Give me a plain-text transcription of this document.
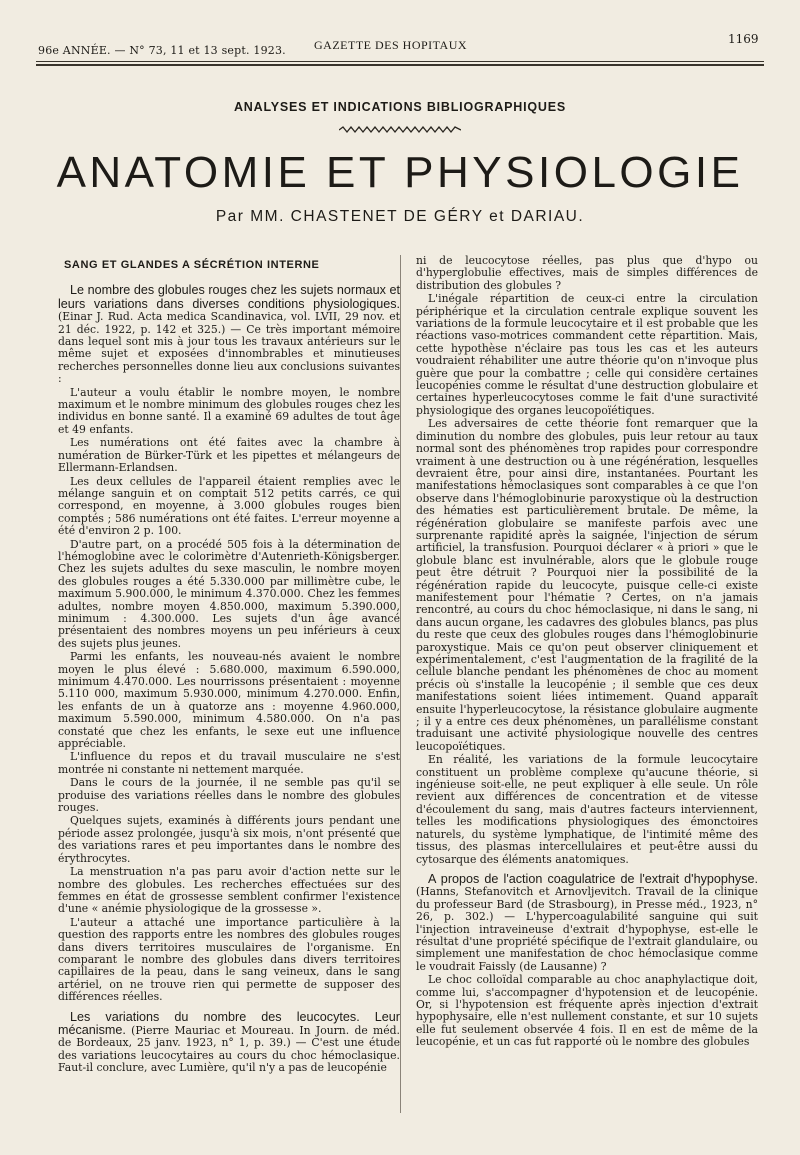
96e ANNÉE. — N° 73, 11 et 13 sept. 1923. GAZETTE DES HOPITAUX	1169
ANALYSES ET INDICATIONS BIBLIOGRAPHIQUES
ANATOMIE ET PHYSIOLOGIE
Par MM. CHASTENET DE GÉRY et DARIAU.

SANG ET GLANDES A SÉCRÉTION INTERNE

Le nombre des globules rouges chez les sujets normaux et leurs variations dans diverses conditions physiologiques. (Einar J. Rud. Acta medica Scandinavica, vol. LVII, 29 nov. et 21 déc. 1922, p. 142 et 325.) — Ce très important mémoire dans lequel sont mis à jour tous les travaux antérieurs sur le même sujet et exposées d'innombrables et minutieuses recherches personnelles donne lieu aux conclusions suivantes :

L'auteur a voulu établir le nombre moyen, le nombre maximum et le nombre minimum des globules rouges chez les individus en bonne santé. Il a examiné 69 adultes de tout âge et 49 enfants.

Les numérations ont été faites avec la chambre à numération de Bürker-Türk et les pipettes et mélangeurs de Ellermann-Erlandsen.

Les deux cellules de l'appareil étaient remplies avec le mélange sanguin et on comptait 512 petits carrés, ce qui correspond, en moyenne, à 3.000 globules rouges bien comptés ; 586 numérations ont été faites. L'erreur moyenne a été d'environ 2 p. 100.

D'autre part, on a procédé 505 fois à la détermination de l'hémoglobine avec le colorimètre d'Autenrieth-Königsberger. Chez les sujets adultes du sexe masculin, le nombre moyen des globules rouges a été 5.330.000 par millimètre cube, le maximum 5.900.000, le minimum 4.370.000. Chez les femmes adultes, nombre moyen 4.850.000, maximum 5.390.000, minimum : 4.300.000. Les sujets d'un âge avancé présentaient des nombres moyens un peu inférieurs à ceux des sujets plus jeunes.

Parmi les enfants, les nouveau-nés avaient le nombre moyen le plus élevé : 5.680.000, maximum 6.590.000, minimum 4.470.000. Les nourrissons présentaient : moyenne 5.110 000, maximum 5.930.000, minimum 4.270.000. Enfin, les enfants de un à quatorze ans : moyenne 4.960.000, maximum 5.590.000, minimum 4.580.000. On n'a pas constaté que chez les enfants, le sexe eut une influence appréciable.

L'influence du repos et du travail musculaire ne s'est montrée ni constante ni nettement marquée.

Dans le cours de la journée, il ne semble pas qu'il se produise des variations réelles dans le nombre des globules rouges.

Quelques sujets, examinés à différents jours pendant une période assez prolongée, jusqu'à six mois, n'ont présenté que des variations rares et peu importantes dans le nombre des érythrocytes.

La menstruation n'a pas paru avoir d'action nette sur le nombre des globules. Les recherches effectuées sur des femmes en état de grossesse semblent confirmer l'existence d'une « anémie physiologique de la grossesse ».

L'auteur a attaché une importance particulière à la question des rapports entre les nombres des globules rouges dans divers territoires musculaires de l'organisme. En comparant le nombre des globules dans divers territoires capillaires de la peau, dans le sang veineux, dans le sang artériel, on ne trouve rien qui permette de supposer des différences réelles.

Les variations du nombre des leucocytes. Leur mécanisme. (Pierre Mauriac et Moureau. In Journ. de méd. de Bordeaux, 25 janv. 1923, n° 1, p. 39.) — C'est une étude des variations leucocytaires au cours du choc hémoclasique. Faut-il conclure, avec Lumière, qu'il n'y a pas de leucopénie

ni de leucocytose réelles, pas plus que d'hypo ou d'hyperglobulie effectives, mais de simples différences de distribution des globules ?

L'inégale répartition de ceux-ci entre la circulation périphérique et la circulation centrale explique souvent les variations de la formule leucocytaire et il est probable que les réactions vaso-motrices commandent cette répartition. Mais, cette hypothèse n'éclaire pas tous les cas et les auteurs voudraient réhabiliter une autre théorie qu'on n'invoque plus guère que pour la combattre ; celle qui considère certaines leucopénies comme le résultat d'une destruction globulaire et certaines hyperleucocytoses comme le fait d'une suractivité physiologique des organes leucopoïétiques.

Les adversaires de cette théorie font remarquer que la diminution du nombre des globules, puis leur retour au taux normal sont des phénomènes trop rapides pour correspondre vraiment à une destruction ou à une régénération, lesquelles devraient être, pour ainsi dire, instantanées. Pourtant les manifestations hémoclasiques sont comparables à ce que l'on observe dans l'hémoglobinurie paroxystique où la destruction des hématies est particulièrement brutale. De même, la régénération globulaire se manifeste parfois avec une surprenante rapidité après la saignée, l'injection de sérum artificiel, la transfusion. Pourquoi déclarer « à priori » que le globule blanc est invulnérable, alors que le globule rouge peut être détruit ? Pourquoi nier la possibilité de la régénération rapide du leucocyte, puisque celle-ci existe manifestement pour l'hématie ? Certes, on n'a jamais rencontré, au cours du choc hémoclasique, ni dans le sang, ni dans aucun organe, les cadavres des globules blancs, pas plus du reste que ceux des globules rouges dans l'hémoglobinurie paroxystique. Mais ce qu'on peut observer cliniquement et expérimentalement, c'est l'augmentation de la fragilité de la cellule blanche pendant les phénomènes de choc au moment précis où s'installe la leucopénie ; il semble que ces deux manifestations soient liées intimement. Quand apparaît ensuite l'hyperleucocytose, la résistance globulaire augmente ; il y a entre ces deux phénomènes, un parallélisme constant traduisant une activité physiologique nouvelle des centres leucopoïétiques.

En réalité, les variations de la formule leucocytaire constituent un problème complexe qu'aucune théorie, si ingénieuse soit-elle, ne peut expliquer à elle seule. Un rôle revient aux différences de concentration et de vitesse d'écoulement du sang, mais d'autres facteurs interviennent, telles les modifications physiologiques des émonctoires naturels, du système lymphatique, de l'intimité même des tissus, des plasmas intercellulaires et peut-être aussi du cytosarque des éléments anatomiques.

A propos de l'action coagulatrice de l'extrait d'hypophyse. (Hanns, Stefanovitch et Arnovljevitch. Travail de la clinique du professeur Bard (de Strasbourg), in Presse méd., 1923, n° 26, p. 302.) — L'hypercoagulabilité sanguine qui suit l'injection intraveineuse d'extrait d'hypophyse, est-elle le résultat d'une propriété spécifique de l'extrait glandulaire, ou simplement une manifestation de choc hémoclasique comme le voudrait Faissly (de Lausanne) ?

Le choc colloïdal comparable au choc anaphylactique doit, comme lui, s'accompagner d'hypotension et de leucopénie. Or, si l'hypotension est fréquente après injection d'extrait hypophysaire, elle n'est nullement constante, et sur 10 sujets elle fut seulement observée 4 fois. Il en est de même de la leucopénie, et un cas fut rapporté où le nombre des globules
